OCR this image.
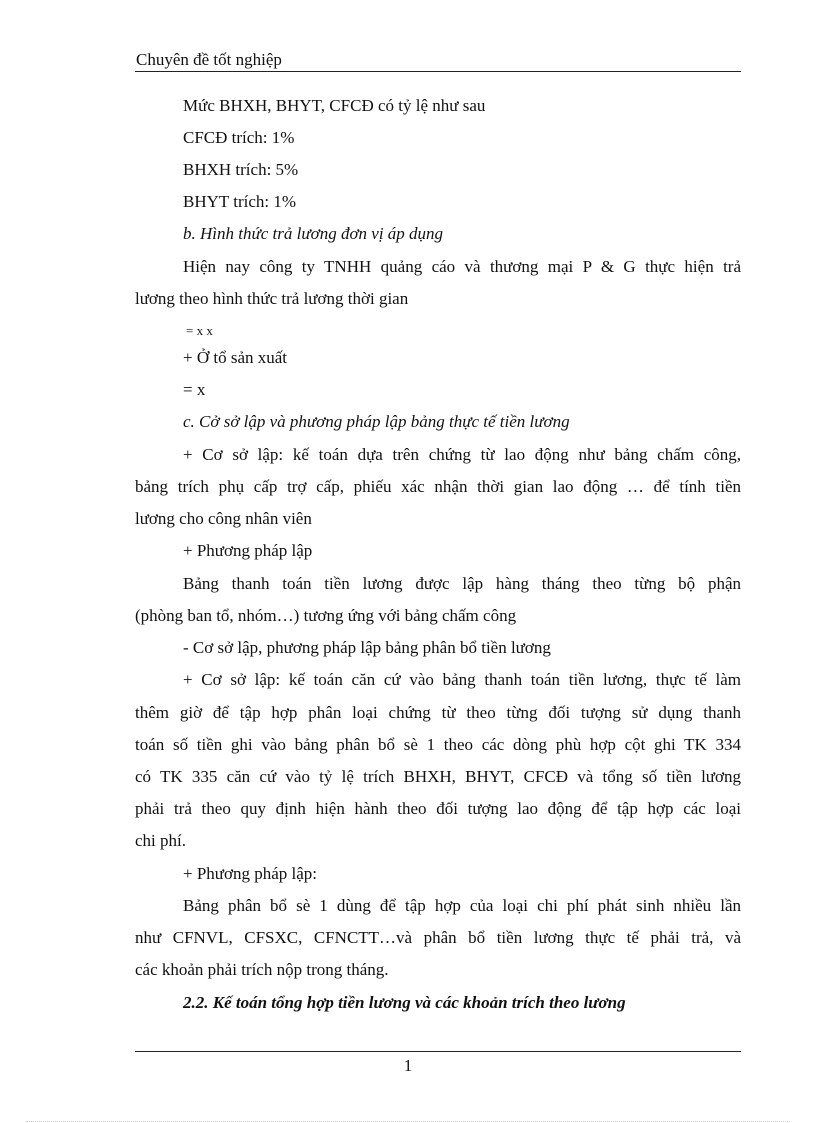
Chuyên đề tốt nghiệp
Mức BHXH, BHYT, CFCĐ có tỷ lệ như sau
CFCĐ trích: 1%
BHXH trích: 5%
BHYT trích: 1%
b. Hình thức trả lương đơn vị áp dụng
Hiện nay công ty TNHH quảng cáo và thương mại P & G thực hiện trả
lương theo hình thức trả lương thời gian
= x x
+ Ở tổ sản xuất
= x
c. Cở sở lập và phương pháp lập bảng thực tế tiền lương
+ Cơ sở lập: kế toán dựa trên chứng từ lao động như bảng chấm công,
bảng trích phụ cấp trợ cấp, phiếu xác nhận thời gian lao động … để tính tiền
lương cho công nhân viên
+ Phương pháp lập
Bảng thanh toán tiền lương được lập hàng tháng theo từng bộ phận
(phòng ban tổ, nhóm…) tương ứng với bảng chấm công
- Cơ sở lập, phương pháp lập bảng phân bổ tiền lương
+ Cơ sở lập: kế toán căn cứ vào bảng thanh toán tiền lương, thực tế làm
thêm giờ để tập hợp phân loại chứng từ theo từng đối tượng sử dụng thanh
toán số tiền ghi vào bảng phân bổ sè 1 theo các dòng phù hợp cột ghi TK 334
có TK 335 căn cứ vào tỷ lệ trích BHXH, BHYT, CFCĐ và tổng số tiền lương
phải trả theo quy định hiện hành theo đối tượng lao động để tập hợp các loại
chi phí.
+ Phương pháp lập:
Bảng phân bổ sè 1 dùng để tập hợp của loại chi phí phát sinh nhiều lần
như CFNVL, CFSXC, CFNCTT…và phân bổ tiền lương thực tế phải trả, và
các khoản phải trích nộp trong tháng.
2.2. Kế toán tổng hợp tiền lương và các khoản trích theo lương
1
